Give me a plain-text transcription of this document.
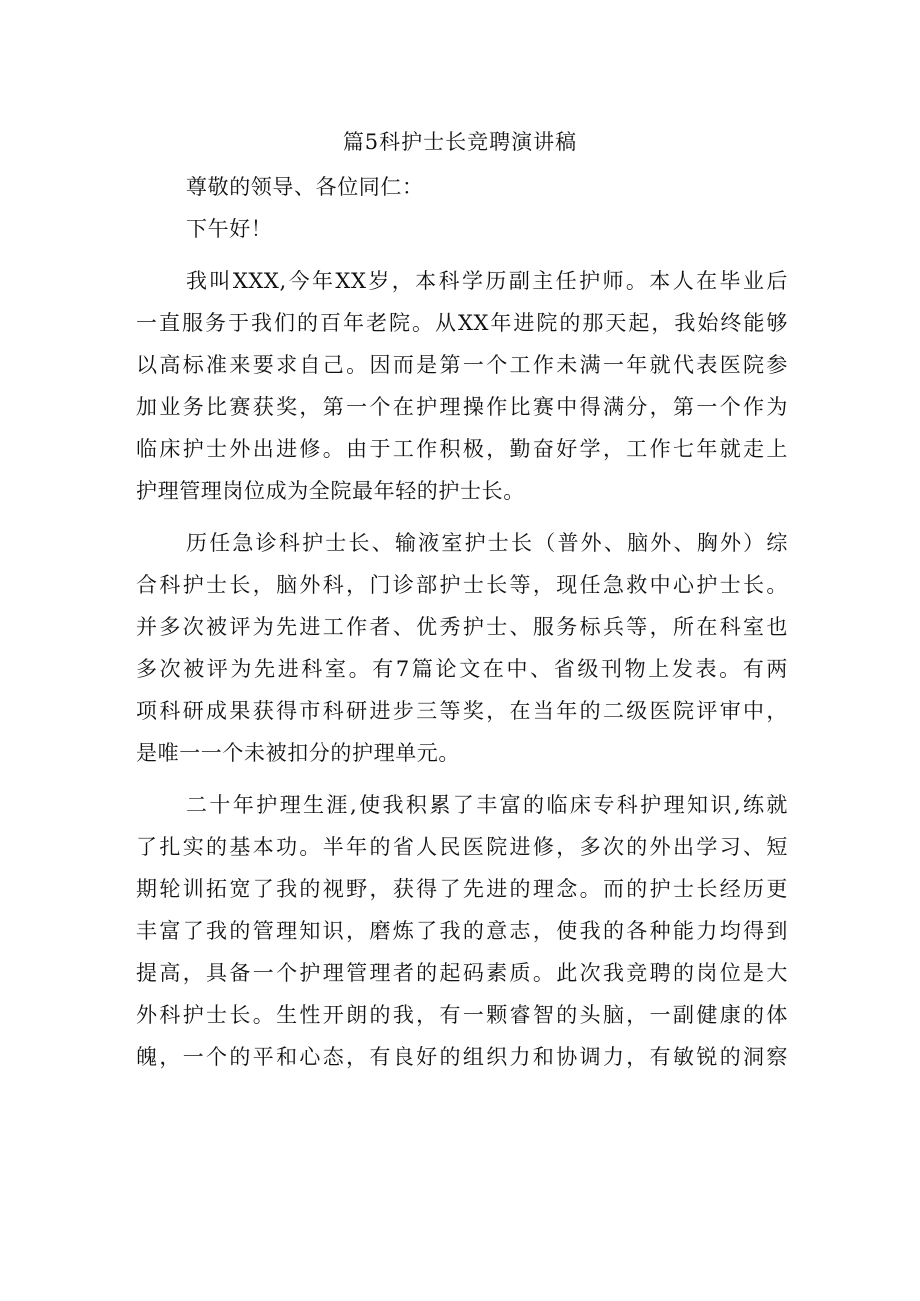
篇5科护士长竞聘演讲稿
尊敬的领导、各位同仁：
下午好！
我叫XXX,今年XX岁，本科学历副主任护师。本人在毕业后
一直服务于我们的百年老院。从XX年进院的那天起，我始终能够
以高标准来要求自己。因而是第一个工作未满一年就代表医院参
加业务比赛获奖，第一个在护理操作比赛中得满分，第一个作为
临床护士外出进修。由于工作积极，勤奋好学，工作七年就走上
护理管理岗位成为全院最年轻的护士长。
历任急诊科护士长、输液室护士长（普外、脑外、胸外）综
合科护士长，脑外科，门诊部护士长等，现任急救中心护士长。
并多次被评为先进工作者、优秀护士、服务标兵等，所在科室也
多次被评为先进科室。有7篇论文在中、省级刊物上发表。有两
项科研成果获得市科研进步三等奖，在当年的二级医院评审中，
是唯一一个未被扣分的护理单元。
二十年护理生涯,使我积累了丰富的临床专科护理知识,练就
了扎实的基本功。半年的省人民医院进修，多次的外出学习、短
期轮训拓宽了我的视野，获得了先进的理念。而的护士长经历更
丰富了我的管理知识，磨炼了我的意志，使我的各种能力均得到
提高，具备一个护理管理者的起码素质。此次我竞聘的岗位是大
外科护士长。生性开朗的我，有一颗睿智的头脑，一副健康的体
魄，一个的平和心态，有良好的组织力和协调力，有敏锐的洞察
